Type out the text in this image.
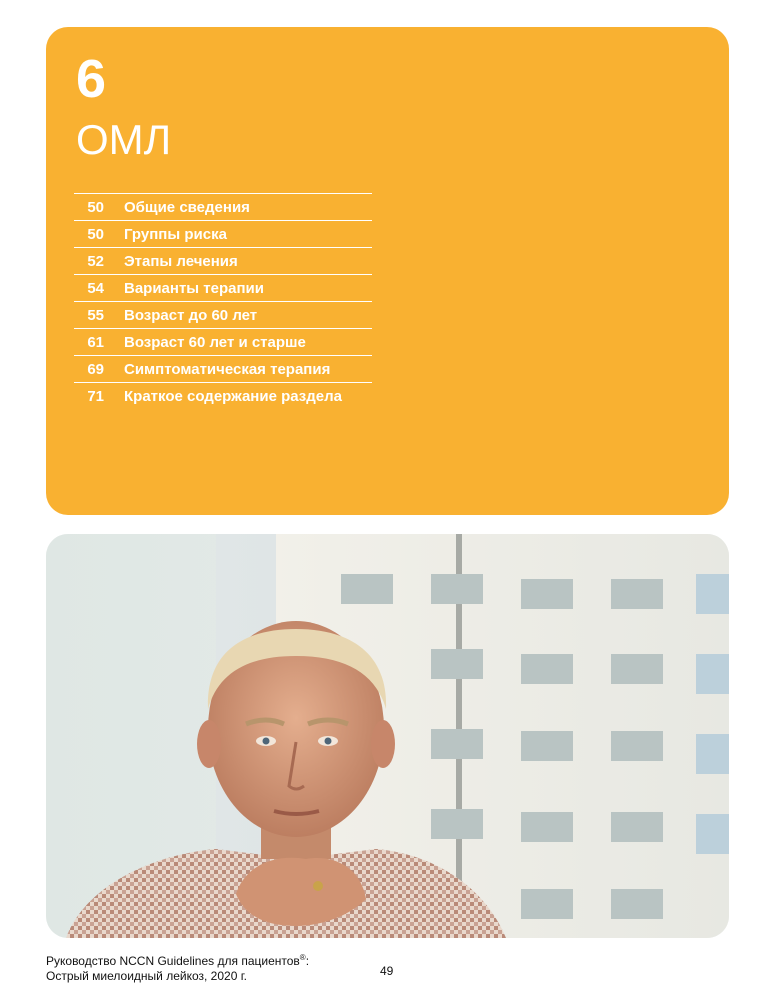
6
ОМЛ
50 Общие сведения
50 Группы риска
52 Этапы лечения
54 Варианты терапии
55 Возраст до 60 лет
61 Возраст 60 лет и старше
69 Симптоматическая терапия
71 Краткое содержание раздела
Руководство NCCN Guidelines для пациентов®:
Острый миелоидный лейкоз, 2020 г.	49
